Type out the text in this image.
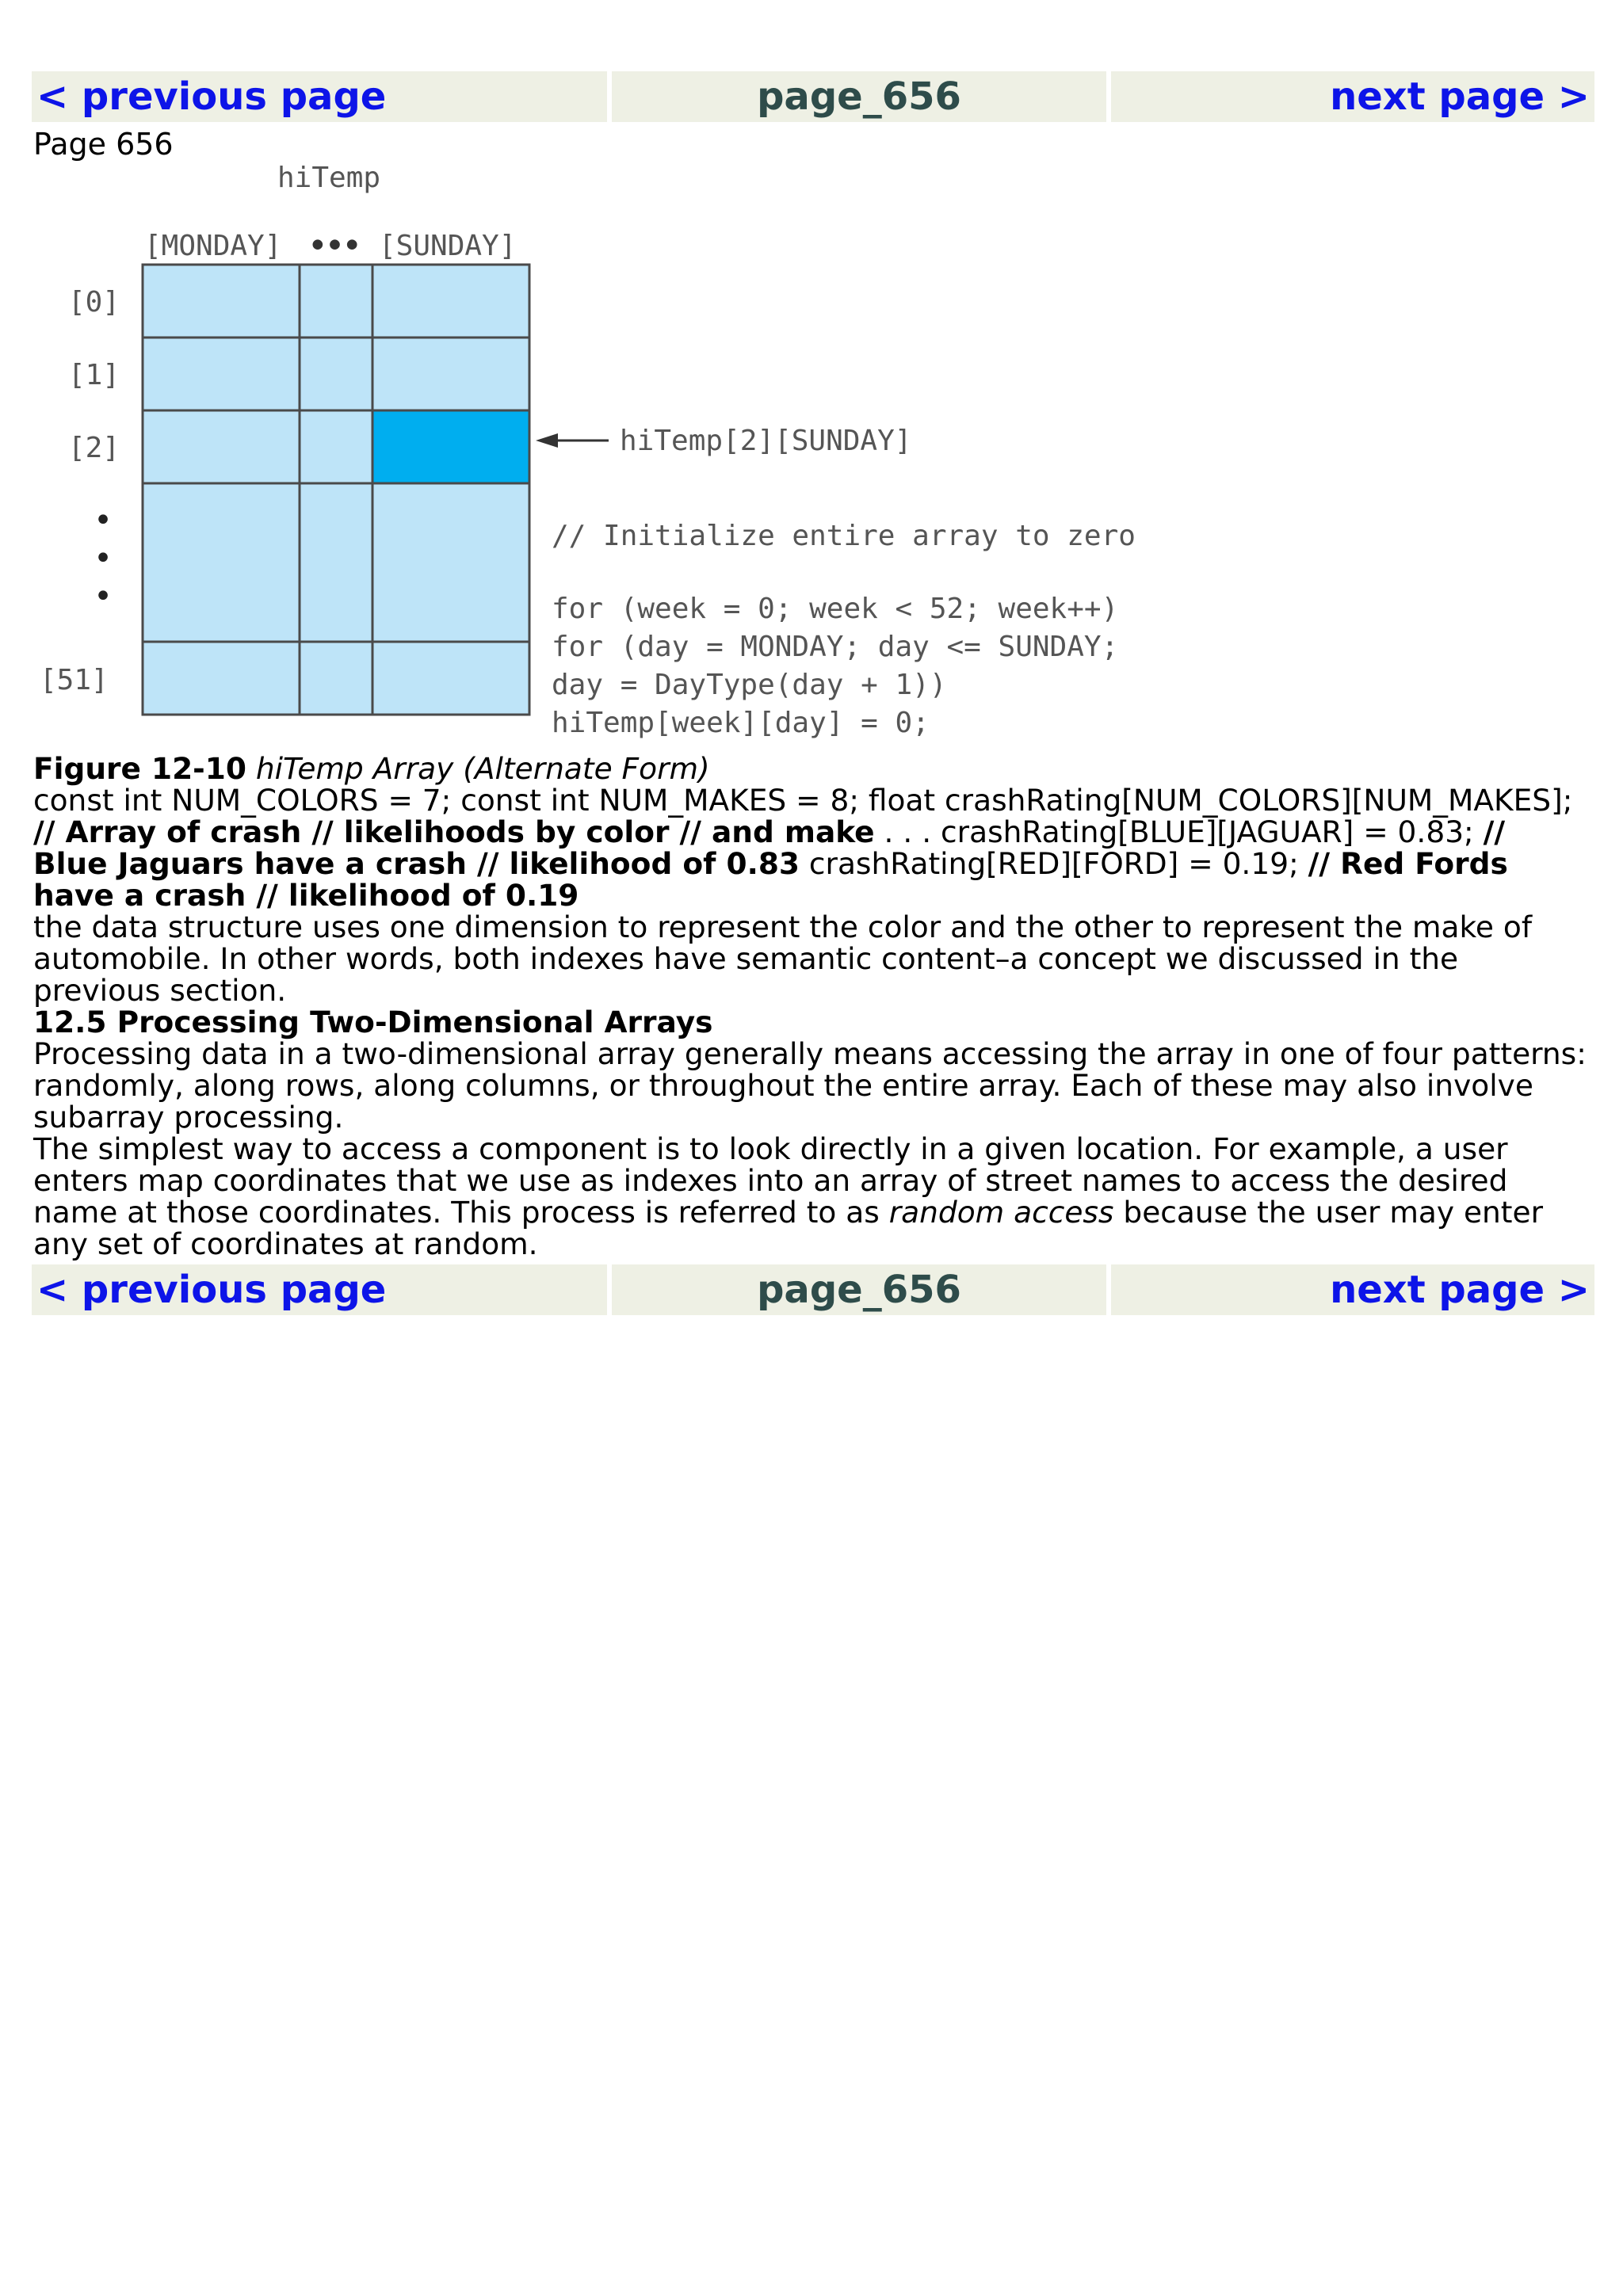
< previous page	page_656	next page >
Page 656
hiTemp
[MONDAY] ••• [SUNDAY]
[0]
[1]
[2]
[51]
•
•
•
hiTemp[2][SUNDAY]
// Initialize entire array to zero
for (week = 0; week < 52; week++)
for (day = MONDAY; day <= SUNDAY;
day = DayType(day + 1))
hiTemp[week][day] = 0;

Figure 12-10 hiTemp Array (Alternate Form)

const int NUM_COLORS = 7; const int NUM_MAKES = 8; float crashRating[NUM_COLORS][NUM_MAKES]; // Array of crash // likelihoods by color // and make . . . crashRating[BLUE][JAGUAR] = 0.83; // Blue Jaguars have a crash // likelihood of 0.83 crashRating[RED][FORD] = 0.19; // Red Fords have a crash // likelihood of 0.19

the data structure uses one dimension to represent the color and the other to represent the make of automobile. In other words, both indexes have semantic content–a concept we discussed in the previous section.

12.5 Processing Two-Dimensional Arrays

Processing data in a two-dimensional array generally means accessing the array in one of four patterns: randomly, along rows, along columns, or throughout the entire array. Each of these may also involve subarray processing.

The simplest way to access a component is to look directly in a given location. For example, a user enters map coordinates that we use as indexes into an array of street names to access the desired name at those coordinates. This process is referred to as random access because the user may enter any set of coordinates at random.

< previous page	page_656	next page >
